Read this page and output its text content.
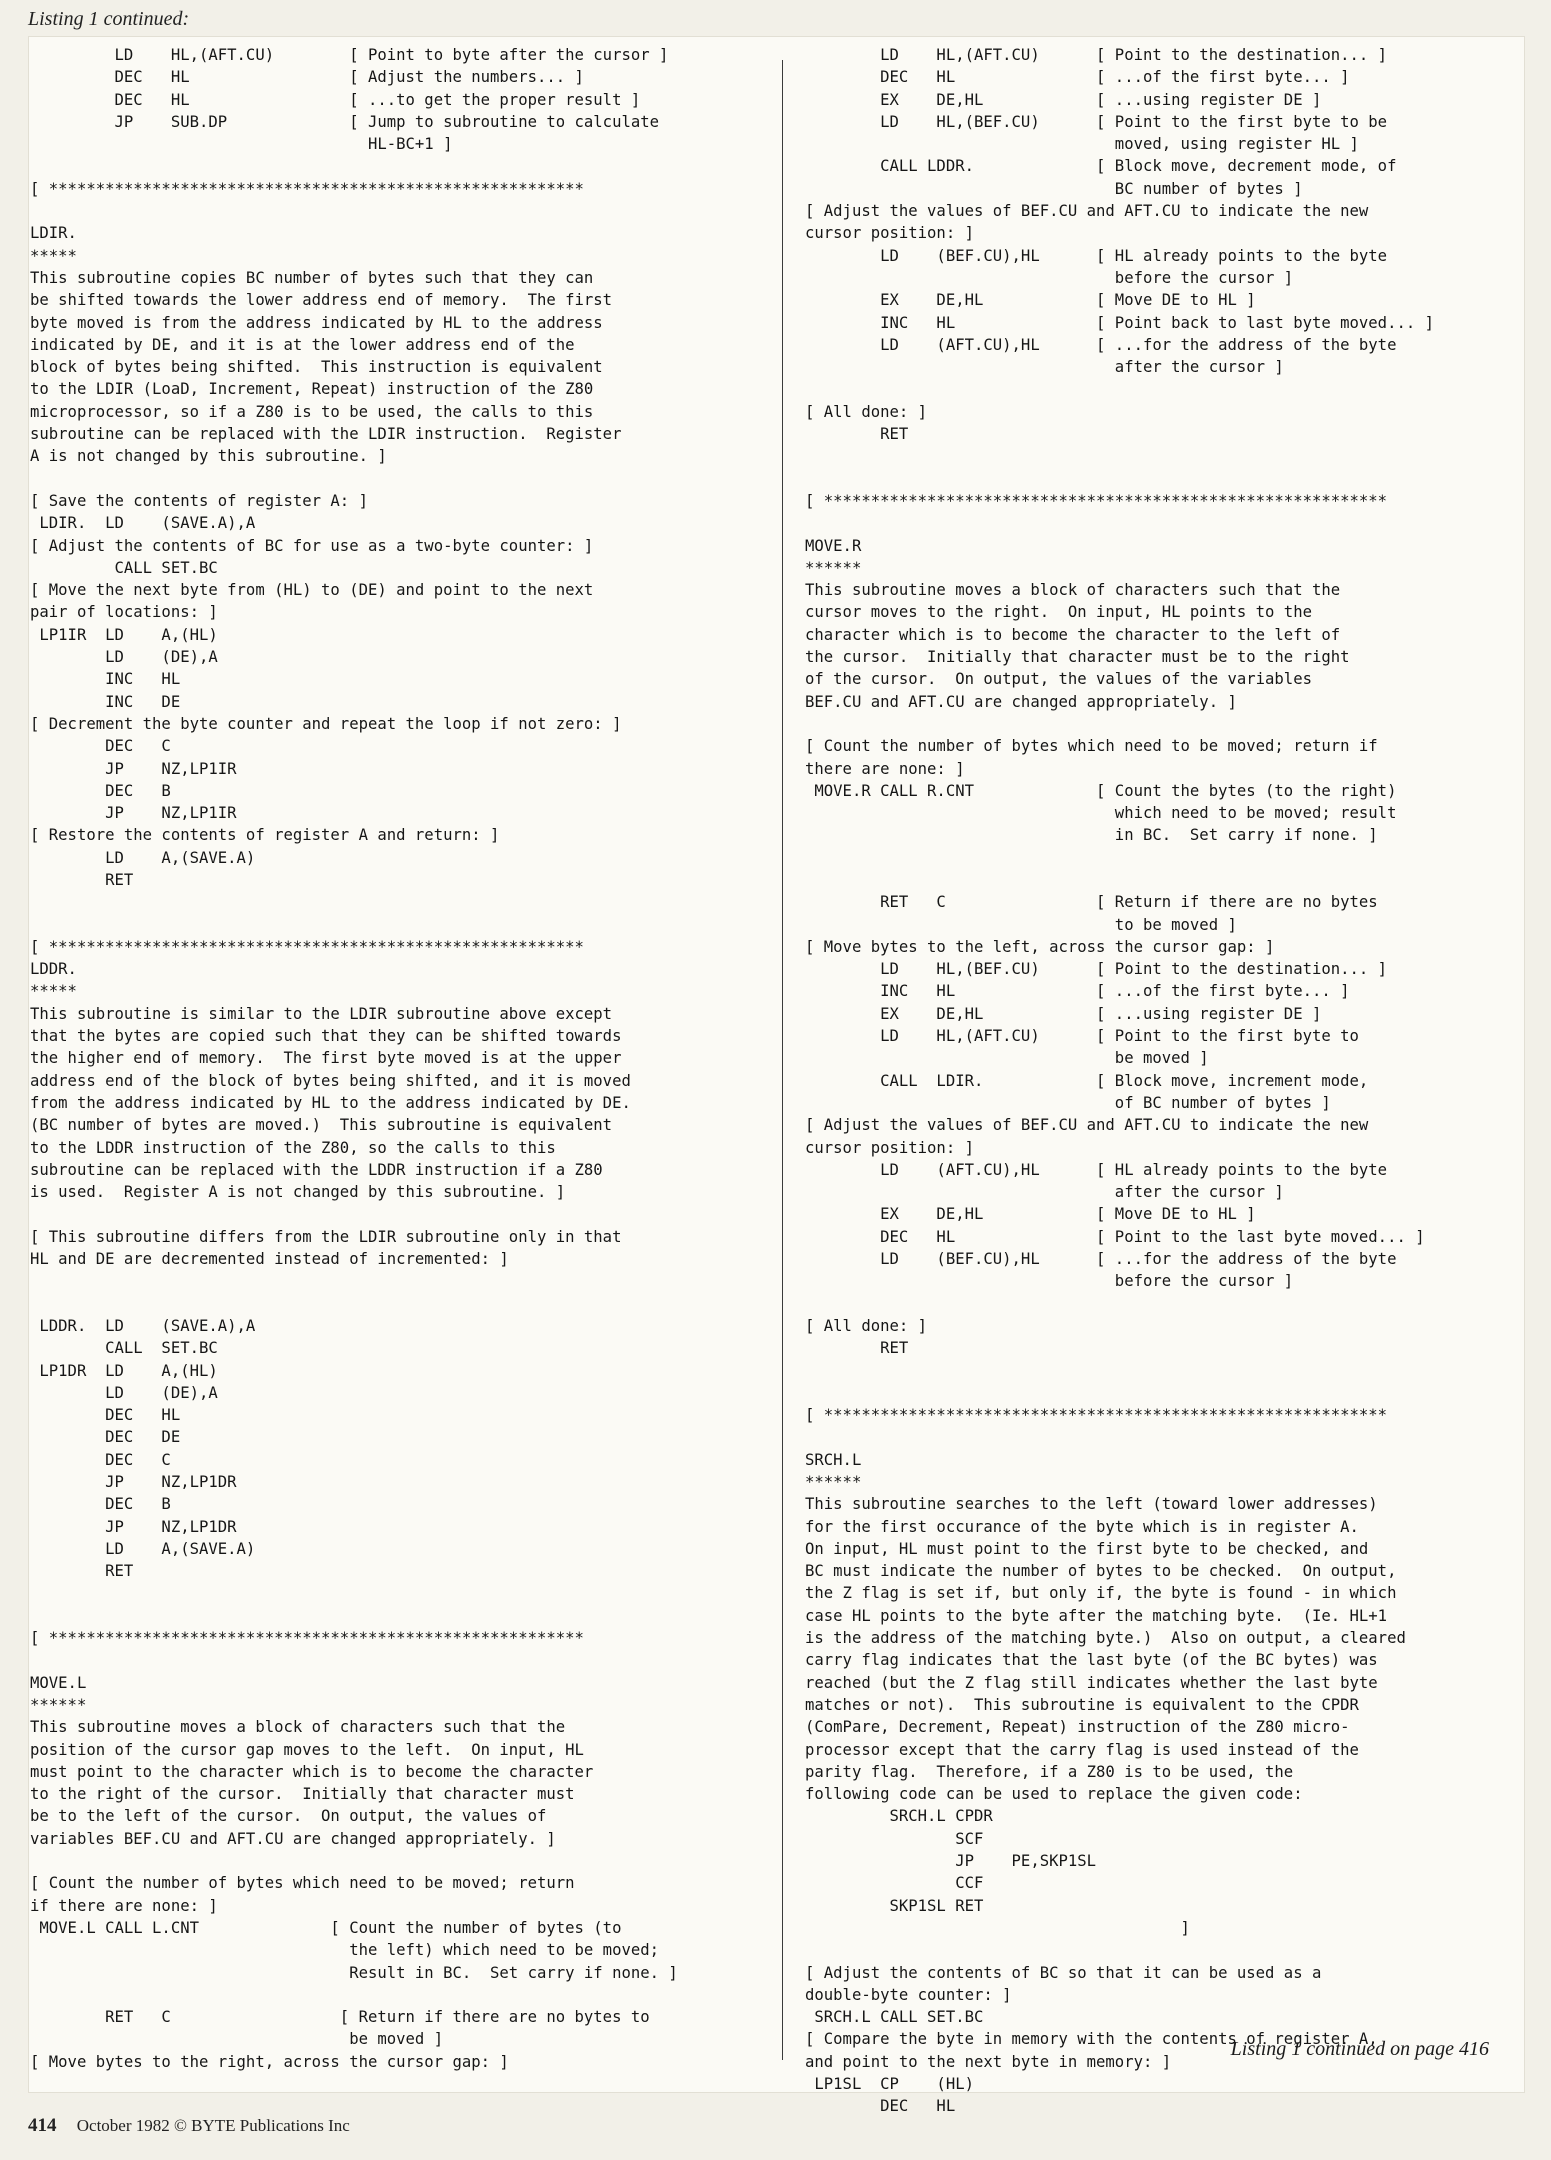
Listing 1 continued:
LD    HL,(AFT.CU)        [ Point to byte after the cursor ]
DEC   HL                 [ Adjust the numbers... ]
DEC   HL                 [ ...to get the proper result ]
JP    SUB.DP             [ Jump to subroutine to calculate
HL-BC+1 ]

[ *********************************************************

LDIR.
*****
This subroutine copies BC number of bytes such that they can
be shifted towards the lower address end of memory.  The first
byte moved is from the address indicated by HL to the address
indicated by DE, and it is at the lower address end of the
block of bytes being shifted.  This instruction is equivalent
to the LDIR (LoaD, Increment, Repeat) instruction of the Z80
microprocessor, so if a Z80 is to be used, the calls to this
subroutine can be replaced with the LDIR instruction.  Register
A is not changed by this subroutine. ]

[ Save the contents of register A: ]
LDIR.  LD    (SAVE.A),A
[ Adjust the contents of BC for use as a two-byte counter: ]
CALL SET.BC
[ Move the next byte from (HL) to (DE) and point to the next
pair of locations: ]
LP1IR  LD    A,(HL)
LD    (DE),A
INC   HL
INC   DE
[ Decrement the byte counter and repeat the loop if not zero: ]
DEC   C
JP    NZ,LP1IR
DEC   B
JP    NZ,LP1IR
[ Restore the contents of register A and return: ]
LD    A,(SAVE.A)
RET

[ *********************************************************
LDDR.
*****
This subroutine is similar to the LDIR subroutine above except
that the bytes are copied such that they can be shifted towards
the higher end of memory.  The first byte moved is at the upper
address end of the block of bytes being shifted, and it is moved
from the address indicated by HL to the address indicated by DE.
(BC number of bytes are moved.)  This subroutine is equivalent
to the LDDR instruction of the Z80, so the calls to this
subroutine can be replaced with the LDDR instruction if a Z80
is used.  Register A is not changed by this subroutine. ]

[ This subroutine differs from the LDIR subroutine only in that
HL and DE are decremented instead of incremented: ]

LDDR.  LD    (SAVE.A),A
CALL  SET.BC
LP1DR  LD    A,(HL)
LD    (DE),A
DEC   HL
DEC   DE
DEC   C
JP    NZ,LP1DR
DEC   B
JP    NZ,LP1DR
LD    A,(SAVE.A)
RET

[ *********************************************************

MOVE.L
******
This subroutine moves a block of characters such that the
position of the cursor gap moves to the left.  On input, HL
must point to the character which is to become the character
to the right of the cursor.  Initially that character must
be to the left of the cursor.  On output, the values of
variables BEF.CU and AFT.CU are changed appropriately. ]

[ Count the number of bytes which need to be moved; return
if there are none: ]
MOVE.L CALL L.CNT              [ Count the number of bytes (to
the left) which need to be moved;
Result in BC.  Set carry if none. ]

RET   C                  [ Return if there are no bytes to
be moved ]
[ Move bytes to the right, across the cursor gap: ]
LD    HL,(AFT.CU)      [ Point to the destination... ]
DEC   HL               [ ...of the first byte... ]
EX    DE,HL            [ ...using register DE ]
LD    HL,(BEF.CU)      [ Point to the first byte to be
moved, using register HL ]
CALL LDDR.             [ Block move, decrement mode, of
BC number of bytes ]
[ Adjust the values of BEF.CU and AFT.CU to indicate the new
cursor position: ]
LD    (BEF.CU),HL      [ HL already points to the byte
before the cursor ]
EX    DE,HL            [ Move DE to HL ]
INC   HL               [ Point back to last byte moved... ]
LD    (AFT.CU),HL      [ ...for the address of the byte
after the cursor ]

[ All done: ]
RET

[ ************************************************************

MOVE.R
******
This subroutine moves a block of characters such that the
cursor moves to the right.  On input, HL points to the
character which is to become the character to the left of
the cursor.  Initially that character must be to the right
of the cursor.  On output, the values of the variables
BEF.CU and AFT.CU are changed appropriately. ]

[ Count the number of bytes which need to be moved; return if
there are none: ]
MOVE.R CALL R.CNT             [ Count the bytes (to the right)
which need to be moved; result
in BC.  Set carry if none. ]

RET   C                [ Return if there are no bytes
to be moved ]
[ Move bytes to the left, across the cursor gap: ]
LD    HL,(BEF.CU)      [ Point to the destination... ]
INC   HL               [ ...of the first byte... ]
EX    DE,HL            [ ...using register DE ]
LD    HL,(AFT.CU)      [ Point to the first byte to
be moved ]
CALL  LDIR.            [ Block move, increment mode,
of BC number of bytes ]
[ Adjust the values of BEF.CU and AFT.CU to indicate the new
cursor position: ]
LD    (AFT.CU),HL      [ HL already points to the byte
after the cursor ]
EX    DE,HL            [ Move DE to HL ]
DEC   HL               [ Point to the last byte moved... ]
LD    (BEF.CU),HL      [ ...for the address of the byte
before the cursor ]

[ All done: ]
RET

[ ************************************************************

SRCH.L
******
This subroutine searches to the left (toward lower addresses)
for the first occurance of the byte which is in register A.
On input, HL must point to the first byte to be checked, and
BC must indicate the number of bytes to be checked.  On output,
the Z flag is set if, but only if, the byte is found - in which
case HL points to the byte after the matching byte.  (Ie. HL+1
is the address of the matching byte.)  Also on output, a cleared
carry flag indicates that the last byte (of the BC bytes) was
reached (but the Z flag still indicates whether the last byte
matches or not).  This subroutine is equivalent to the CPDR
(ComPare, Decrement, Repeat) instruction of the Z80 micro-
processor except that the carry flag is used instead of the
parity flag.  Therefore, if a Z80 is to be used, the
following code can be used to replace the given code:
SRCH.L CPDR
SCF
JP    PE,SKP1SL
CCF
SKP1SL RET
]

[ Adjust the contents of BC so that it can be used as a
double-byte counter: ]
SRCH.L CALL SET.BC
[ Compare the byte in memory with the contents of register A,
and point to the next byte in memory: ]
LP1SL  CP    (HL)
DEC   HL
Listing 1 continued on page 416
414 October 1982 © BYTE Publications Inc
